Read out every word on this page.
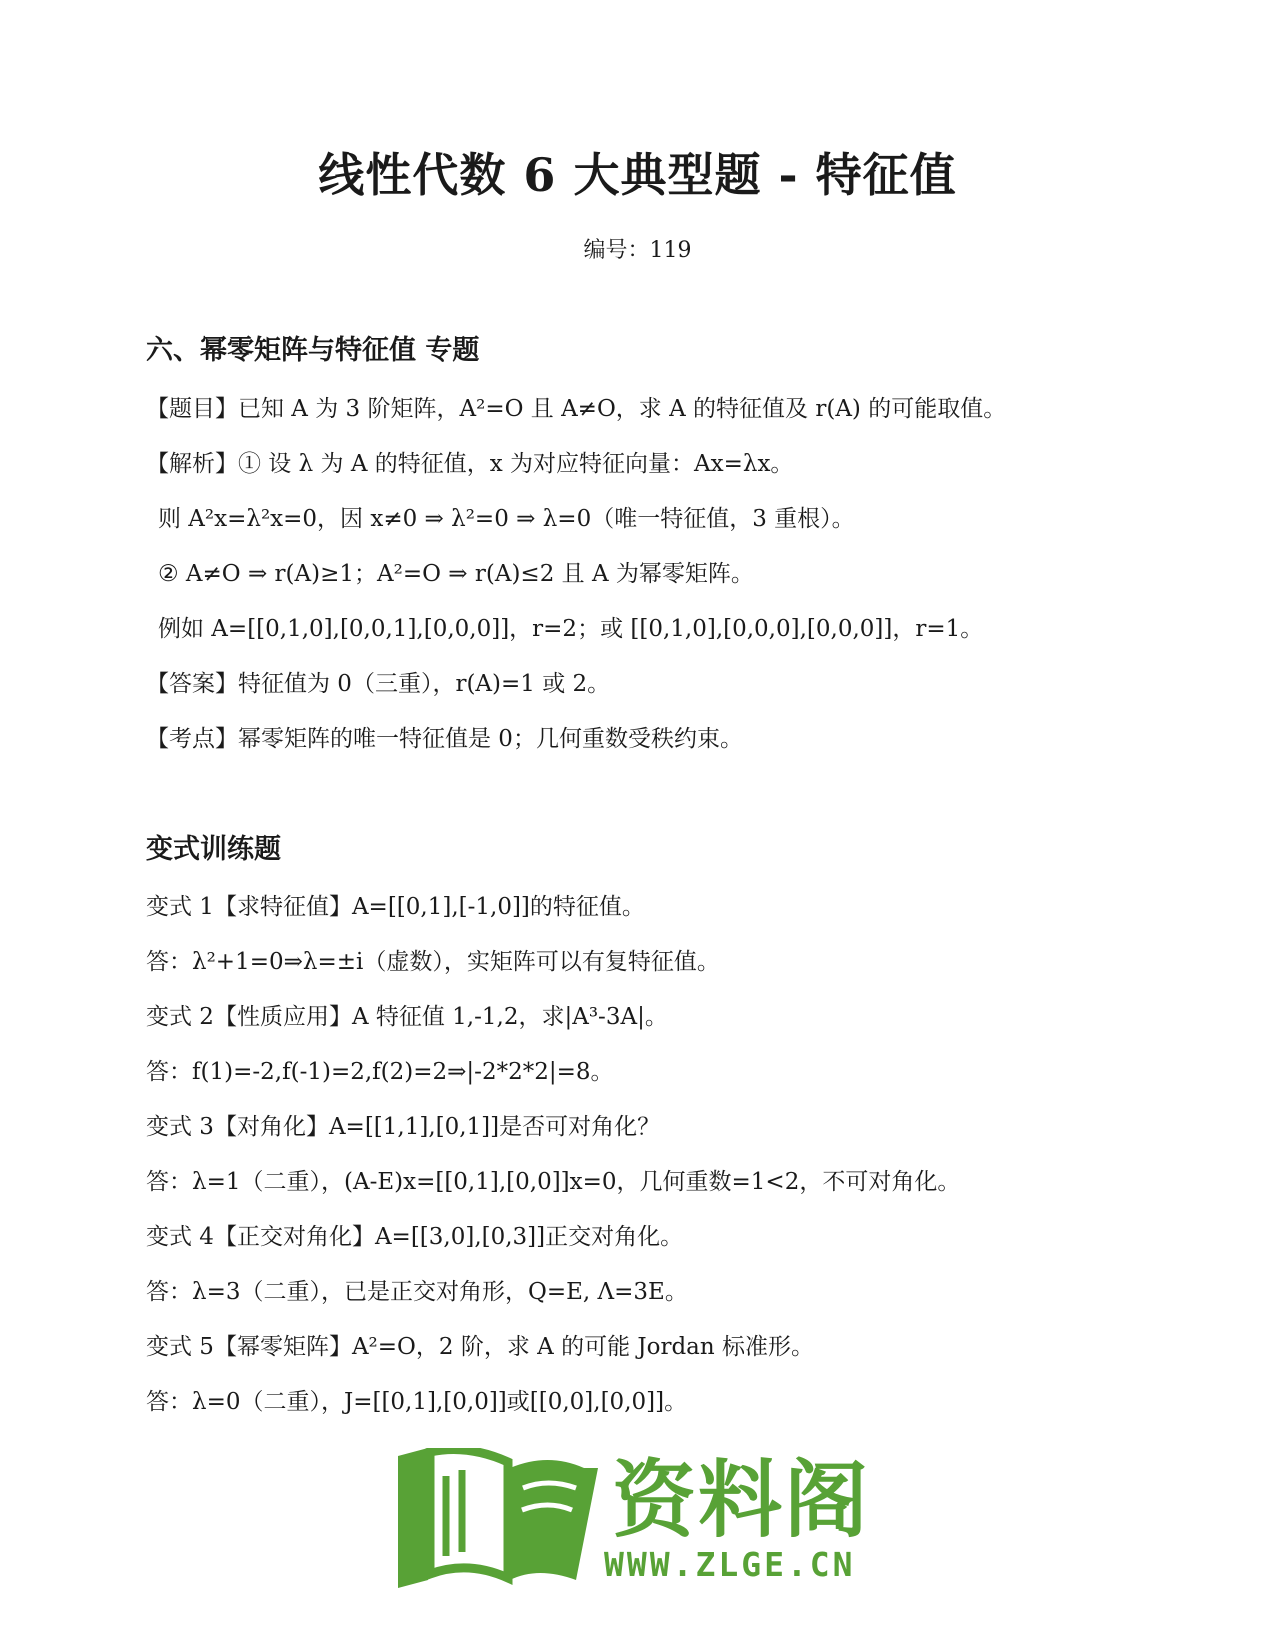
线性代数 6 大典型题 - 特征值
编号：119
六、幂零矩阵与特征值 专题
【题目】已知 A 为 3 阶矩阵，A²=O 且 A≠O，求 A 的特征值及 r(A) 的可能取值。
【解析】① 设 λ 为 A 的特征值，x 为对应特征向量：Ax=λx。
则 A²x=λ²x=0，因 x≠0 ⇒ λ²=0 ⇒ λ=0（唯一特征值，3 重根）。
② A≠O ⇒ r(A)≥1；A²=O ⇒ r(A)≤2 且 A 为幂零矩阵。
例如 A=[[0,1,0],[0,0,1],[0,0,0]]，r=2；或 [[0,1,0],[0,0,0],[0,0,0]]，r=1。
【答案】特征值为 0（三重），r(A)=1 或 2。
【考点】幂零矩阵的唯一特征值是 0；几何重数受秩约束。
变式训练题
变式 1【求特征值】A=[[0,1],[-1,0]]的特征值。
答：λ²+1=0⇒λ=±i（虚数），实矩阵可以有复特征值。
变式 2【性质应用】A 特征值 1,-1,2，求|A³-3A|。
答：f(1)=-2,f(-1)=2,f(2)=2⇒|-2*2*2|=8。
变式 3【对角化】A=[[1,1],[0,1]]是否可对角化？
答：λ=1（二重），(A-E)x=[[0,1],[0,0]]x=0，几何重数=1<2，不可对角化。
变式 4【正交对角化】A=[[3,0],[0,3]]正交对角化。
答：λ=3（二重），已是正交对角形，Q=E, Λ=3E。
变式 5【幂零矩阵】A²=O，2 阶，求 A 的可能 Jordan 标准形。
答：λ=0（二重），J=[[0,1],[0,0]]或[[0,0],[0,0]]。
资料阁
WWW.ZLGE.CN
